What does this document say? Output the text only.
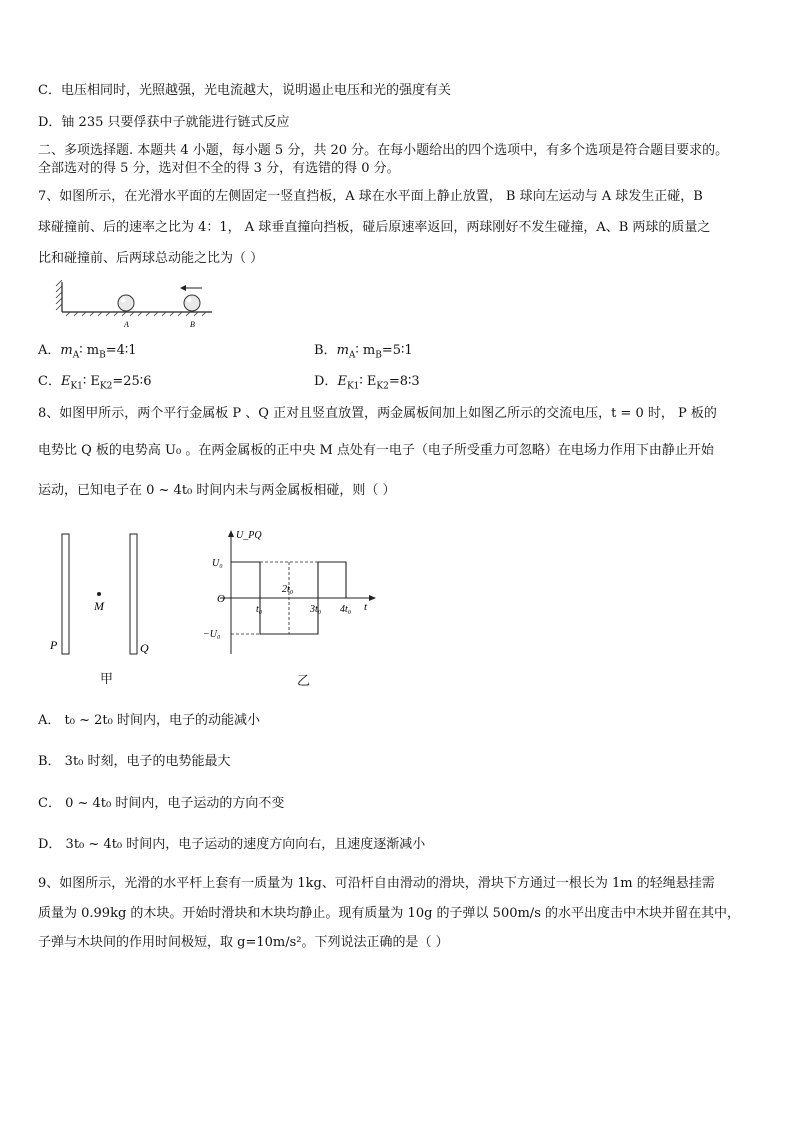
C．电压相同时，光照越强，光电流越大，说明遏止电压和光的强度有关
D．铀 235 只要俘获中子就能进行链式反应
二、多项选择题. 本题共 4 小题，每小题 5 分，共 20 分。在每小题给出的四个选项中，有多个选项是符合题目要求的。
全部选对的得 5 分，选对但不全的得 3 分，有选错的得 0 分。
7、如图所示，在光滑水平面的左侧固定一竖直挡板，A 球在水平面上静止放置， B 球向左运动与 A 球发生正碰，B
球碰撞前、后的速率之比为 4：1， A 球垂直撞向挡板，碰后原速率返回，两球刚好不发生碰撞，A、B 两球的质量之
比和碰撞前、后两球总动能之比为（ ）
A	B
A．$m_A∶$ $m_B=4∶1$	B．$m_A∶$ $m_B=5∶1$
C．$E_{K1}∶$ $E_{K2}=25∶6$	D．$E_{K1}∶$ $E_{K2}=8∶3$
8、如图甲所示，两个平行金属板 P 、Q 正对且竖直放置，两金属板间加上如图乙所示的交流电压，t = 0 时， P 板的
电势比 Q 板的电势高 U₀ 。在两金属板的正中央 M 点处有一电子（电子所受重力可忽略）在电场力作用下由静止开始
运动，已知电子在 0 ~ 4t₀ 时间内未与两金属板相碰，则（ ）
M
P	Q
甲
U_PQ
t
U₀
−U₀
O
t₀
2t₀
3t₀ 4t₀
乙
A． t₀ ~ 2t₀ 时间内，电子的动能减小
B． 3t₀ 时刻，电子的电势能最大
C． 0 ~ 4t₀ 时间内，电子运动的方向不变
D． 3t₀ ~ 4t₀ 时间内，电子运动的速度方向向右，且速度逐渐减小
9、如图所示，光滑的水平杆上套有一质量为 1kg、可沿杆自由滑动的滑块，滑块下方通过一根长为 1m 的轻绳悬挂需
质量为 0.99kg 的木块。开始时滑块和木块均静止。现有质量为 10g 的子弹以 500m/s 的水平出度击中木块并留在其中，
子弹与木块间的作用时间极短，取 g=10m/s²。下列说法正确的是（ ）
